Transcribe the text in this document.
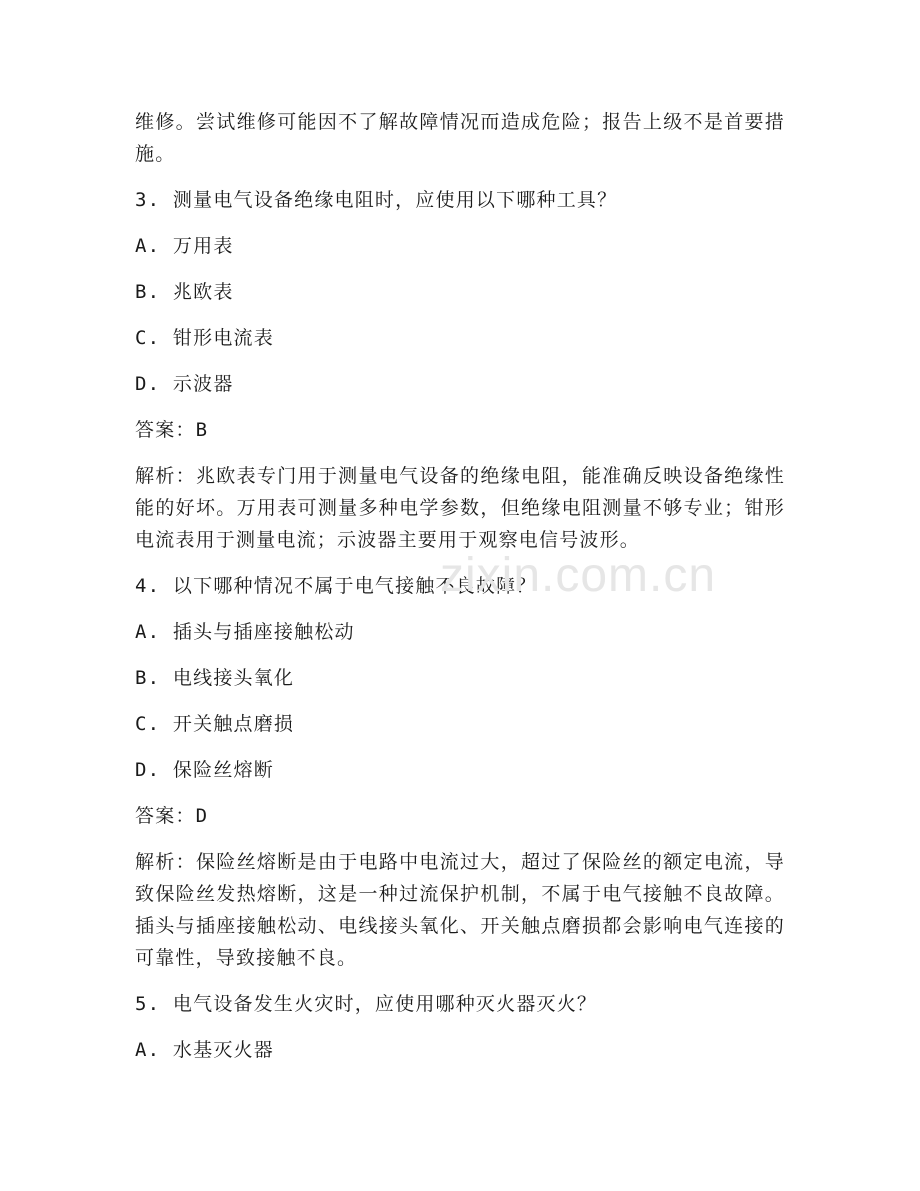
维修。尝试维修可能因不了解故障情况而造成危险；报告上级不是首要措施。
3. 测量电气设备绝缘电阻时，应使用以下哪种工具？
A. 万用表
B. 兆欧表
C. 钳形电流表
D. 示波器
答案：B
解析：兆欧表专门用于测量电气设备的绝缘电阻，能准确反映设备绝缘性能的好坏。万用表可测量多种电学参数，但绝缘电阻测量不够专业；钳形电流表用于测量电流；示波器主要用于观察电信号波形。
4. 以下哪种情况不属于电气接触不良故障？
A. 插头与插座接触松动
B. 电线接头氧化
C. 开关触点磨损
D. 保险丝熔断
答案：D
解析：保险丝熔断是由于电路中电流过大，超过了保险丝的额定电流，导致保险丝发热熔断，这是一种过流保护机制，不属于电气接触不良故障。插头与插座接触松动、电线接头氧化、开关触点磨损都会影响电气连接的可靠性，导致接触不良。
5. 电气设备发生火灾时，应使用哪种灭火器灭火？
A. 水基灭火器
zixin.com.cn
